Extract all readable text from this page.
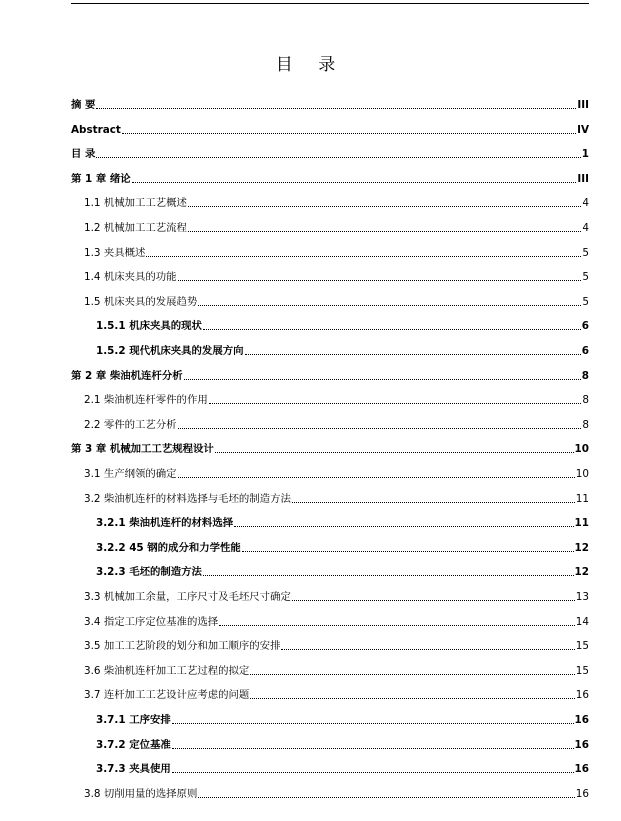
目 录
摘 要	III
Abstract	IV
目 录	1
第 1 章 绪论	III
1.1 机械加工工艺概述	4
1.2 机械加工工艺流程	4
1.3 夹具概述	5
1.4 机床夹具的功能	5
1.5 机床夹具的发展趋势	5
1.5.1 机床夹具的现状	6
1.5.2 现代机床夹具的发展方向	6
第 2 章 柴油机连杆分析	8
2.1 柴油机连杆零件的作用	8
2.2 零件的工艺分析	8
第 3 章 机械加工工艺规程设计	10
3.1 生产纲领的确定	10
3.2 柴油机连杆的材料选择与毛坯的制造方法	11
3.2.1 柴油机连杆的材料选择	11
3.2.2 45 钢的成分和力学性能	12
3.2.3 毛坯的制造方法	12
3.3 机械加工余量，工序尺寸及毛坯尺寸确定	13
3.4 指定工序定位基准的选择	14
3.5 加工工艺阶段的划分和加工顺序的安排	15
3.6 柴油机连杆加工工艺过程的拟定	15
3.7 连杆加工工艺设计应考虑的问题	16
3.7.1 工序安排	16
3.7.2 定位基准	16
3.7.3 夹具使用	16
3.8 切削用量的选择原则	16
